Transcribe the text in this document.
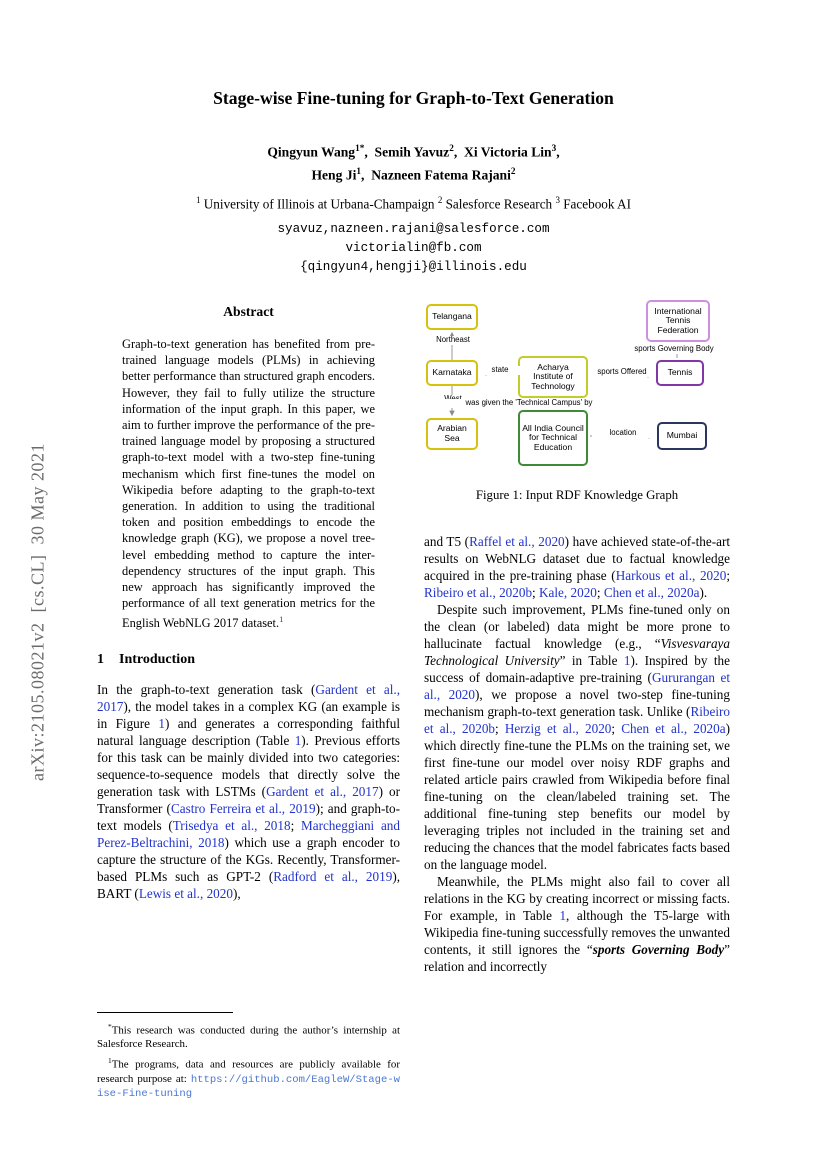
arXiv:2105.08021v2  [cs.CL]  30 May 2021
Stage-wise Fine-tuning for Graph-to-Text Generation
Qingyun Wang$^{1*}$, Semih Yavuz$^2$, Xi Victoria Lin$^3$,
Heng Ji$^1$, Nazneen Fatema Rajani$^2$
$^1$ University of Illinois at Urbana-Champaign $^2$ Salesforce Research $^3$ Facebook AI
syavuz,nazneen.rajani@salesforce.com
victorialin@fb.com
{qingyun4,hengji}@illinois.edu
Abstract

Graph-to-text generation has benefited from pre-trained language models (PLMs) in achieving better performance than structured graph encoders. However, they fail to fully utilize the structure information of the input graph. In this paper, we aim to further improve the performance of the pre-trained language model by proposing a structured graph-to-text model with a two-step fine-tuning mechanism which first fine-tunes the model on Wikipedia before adapting to the graph-to-text generation. In addition to using the traditional token and position embeddings to encode the knowledge graph (KG), we propose a novel tree-level embedding method to capture the inter-dependency structures of the input graph. This new approach has significantly improved the performance of all text generation metrics for the English WebNLG 2017 dataset.$^1$

1 Introduction

In the graph-to-text generation task (Gardent et al., 2017), the model takes in a complex KG (an example is in Figure 1) and generates a corresponding faithful natural language description (Table 1). Previous efforts for this task can be mainly divided into two categories: sequence-to-sequence models that directly solve the generation task with LSTMs (Gardent et al., 2017) or Transformer (Castro Ferreira et al., 2019); and graph-to-text models (Trisedya et al., 2018; Marcheggiani and Perez-Beltrachini, 2018) which use a graph encoder to capture the structure of the KGs. Recently, Transformer-based PLMs such as GPT-2 (Radford et al., 2019), BART (Lewis et al., 2020),

Telangana
International Tennis Federation
Karnataka
Acharya Institute of Technology
Tennis
Arabian Sea
All India Council for Technical Education
Mumbai
Northeast
state	sports Offered
sports Governing Body
was given the 'Technical Campus' by
location
Figure 1: Input RDF Knowledge Graph

and T5 (Raffel et al., 2020) have achieved state-of-the-art results on WebNLG dataset due to factual knowledge acquired in the pre-training phase (Harkous et al., 2020; Ribeiro et al., 2020b; Kale, 2020; Chen et al., 2020a).

Despite such improvement, PLMs fine-tuned only on the clean (or labeled) data might be more prone to hallucinate factual knowledge (e.g., “Visvesvaraya Technological University” in Table 1). Inspired by the success of domain-adaptive pre-training (Gururangan et al., 2020), we propose a novel two-step fine-tuning mechanism graph-to-text generation task. Unlike (Ribeiro et al., 2020b; Herzig et al., 2020; Chen et al., 2020a) which directly fine-tune the PLMs on the training set, we first fine-tune our model over noisy RDF graphs and related article pairs crawled from Wikipedia before final fine-tuning on the clean/labeled training set. The additional fine-tuning step benefits our model by leveraging triples not included in the training set and reducing the chances that the model fabricates facts based on the language model.

Meanwhile, the PLMs might also fail to cover all relations in the KG by creating incorrect or missing facts. For example, in Table 1, although the T5-large with Wikipedia fine-tuning successfully removes the unwanted contents, it still ignores the “sports Governing Body” relation and incorrectly

*This research was conducted during the author’s internship at Salesforce Research.

$^1$The programs, data and resources are publicly available for research purpose at: https://github.com/EagleW/Stage-wise-Fine-tuning
